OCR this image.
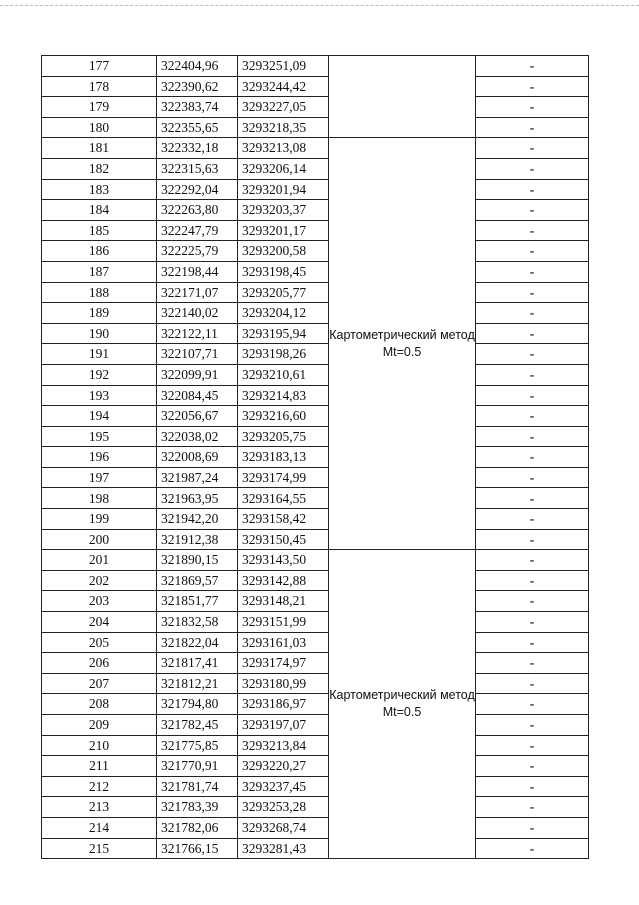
177	322404,96	3293251,09		-
178	322390,62	3293244,42		-
179	322383,74	3293227,05		-
180	322355,65	3293218,35		-
181	322332,18	3293213,08	Картометрический метод Mt=0.5	-
182	322315,63	3293206,14		-
183	322292,04	3293201,94		-
184	322263,80	3293203,37		-
185	322247,79	3293201,17		-
186	322225,79	3293200,58		-
187	322198,44	3293198,45		-
188	322171,07	3293205,77		-
189	322140,02	3293204,12		-
190	322122,11	3293195,94		-
191	322107,71	3293198,26		-
192	322099,91	3293210,61		-
193	322084,45	3293214,83		-
194	322056,67	3293216,60		-
195	322038,02	3293205,75		-
196	322008,69	3293183,13		-
197	321987,24	3293174,99		-
198	321963,95	3293164,55		-
199	321942,20	3293158,42		-
200	321912,38	3293150,45		-
201	321890,15	3293143,50	Картометрический метод Mt=0.5	-
202	321869,57	3293142,88		-
203	321851,77	3293148,21		-
204	321832,58	3293151,99		-
205	321822,04	3293161,03		-
206	321817,41	3293174,97		-
207	321812,21	3293180,99		-
208	321794,80	3293186,97		-
209	321782,45	3293197,07		-
210	321775,85	3293213,84		-
211	321770,91	3293220,27		-
212	321781,74	3293237,45		-
213	321783,39	3293253,28		-
214	321782,06	3293268,74		-
215	321766,15	3293281,43		-
